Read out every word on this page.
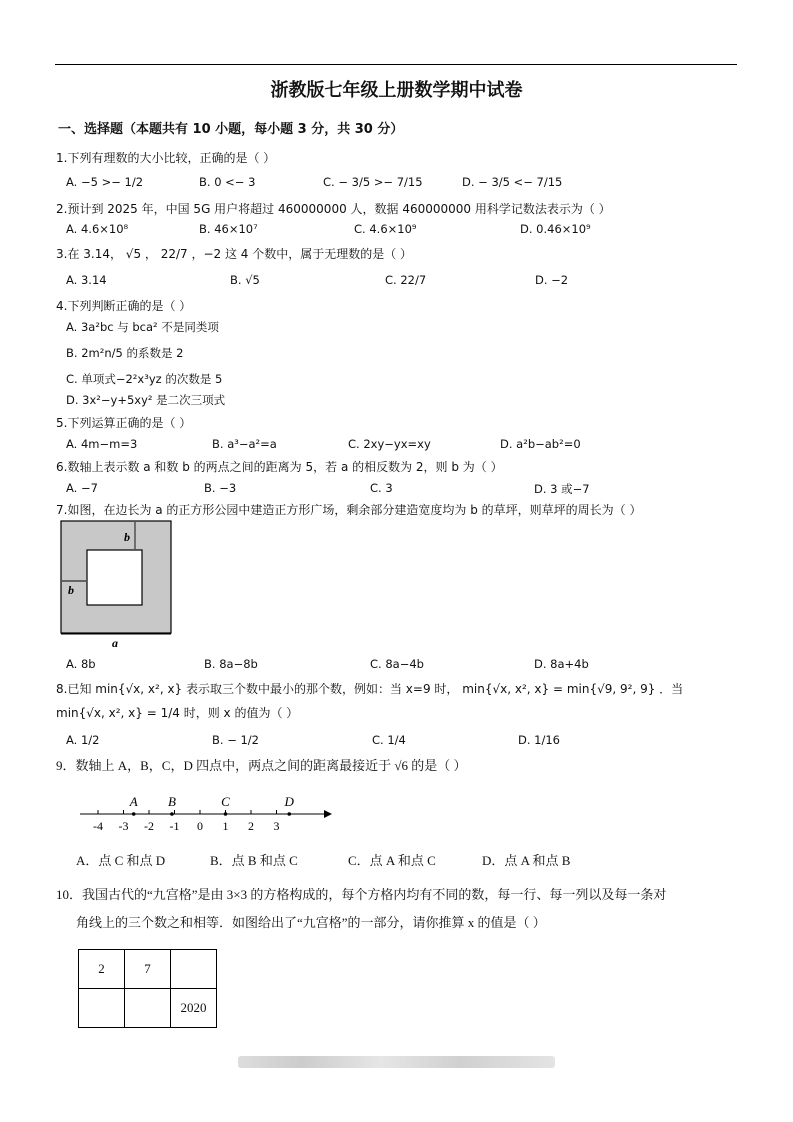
浙教版七年级上册数学期中试卷
一、选择题（本题共有 10 小题，每小题 3 分，共 30 分）
1.下列有理数的大小比较，正确的是（ ）
A. −5 >− 1/2	B. 0 <− 3	C. − 3/5 >− 7/15	D. − 3/5 <− 7/15
2.预计到 2025 年，中国 5G 用户将超过 460000000 人，数据 460000000 用科学记数法表示为（ ）
A. 4.6×10⁸	B. 46×10⁷	C. 4.6×10⁹	D. 0.46×10⁹
3.在 3.14， √5 ， 22/7 ，−2 这 4 个数中，属于无理数的是（ ）
A. 3.14	B. √5	C. 22/7	D. −2
4.下列判断正确的是（ ）
A. 3a²bc 与 bca² 不是同类项
B. 2m²n/5 的系数是 2
C. 单项式−2²x³yz 的次数是 5
D. 3x²−y+5xy² 是二次三项式
5.下列运算正确的是（ ）
A. 4m−m=3	B. a³−a²=a	C. 2xy−yx=xy	D. a²b−ab²=0
6.数轴上表示数 a 和数 b 的两点之间的距离为 5，若 a 的相反数为 2，则 b 为（ ）
A. −7	B. −3	C. 3	D. 3 或−7
7.如图，在边长为 a 的正方形公园中建造正方形广场，剩余部分建造宽度均为 b 的草坪，则草坪的周长为（ ）
b
b
a
A. 8b	B. 8a−8b	C. 8a−4b	D. 8a+4b
8.已知 min{√x, x², x} 表示取三个数中最小的那个数，例如：当 x=9 时， min{√x, x², x} = min{√9, 9², 9} ．当
min{√x, x², x} = 1/4 时，则 x 的值为（ ）
A. 1/2	B. − 1/2	C. 1/4	D. 1/16
9．数轴上 A，B，C，D 四点中，两点之间的距离最接近于 √6 的是（ ）
-4 -3 -2 -1 0 1 2 3
A B	C	D
A．点 C 和点 D	B．点 B 和点 C	C．点 A 和点 C	D．点 A 和点 B
10．我国古代的“九宫格”是由 3×3 的方格构成的，每个方格内均有不同的数，每一行、每一列以及每一条对
角线上的三个数之和相等．如图给出了“九宫格”的一部分，请你推算 x 的值是（ ）
2	7	
		2020
